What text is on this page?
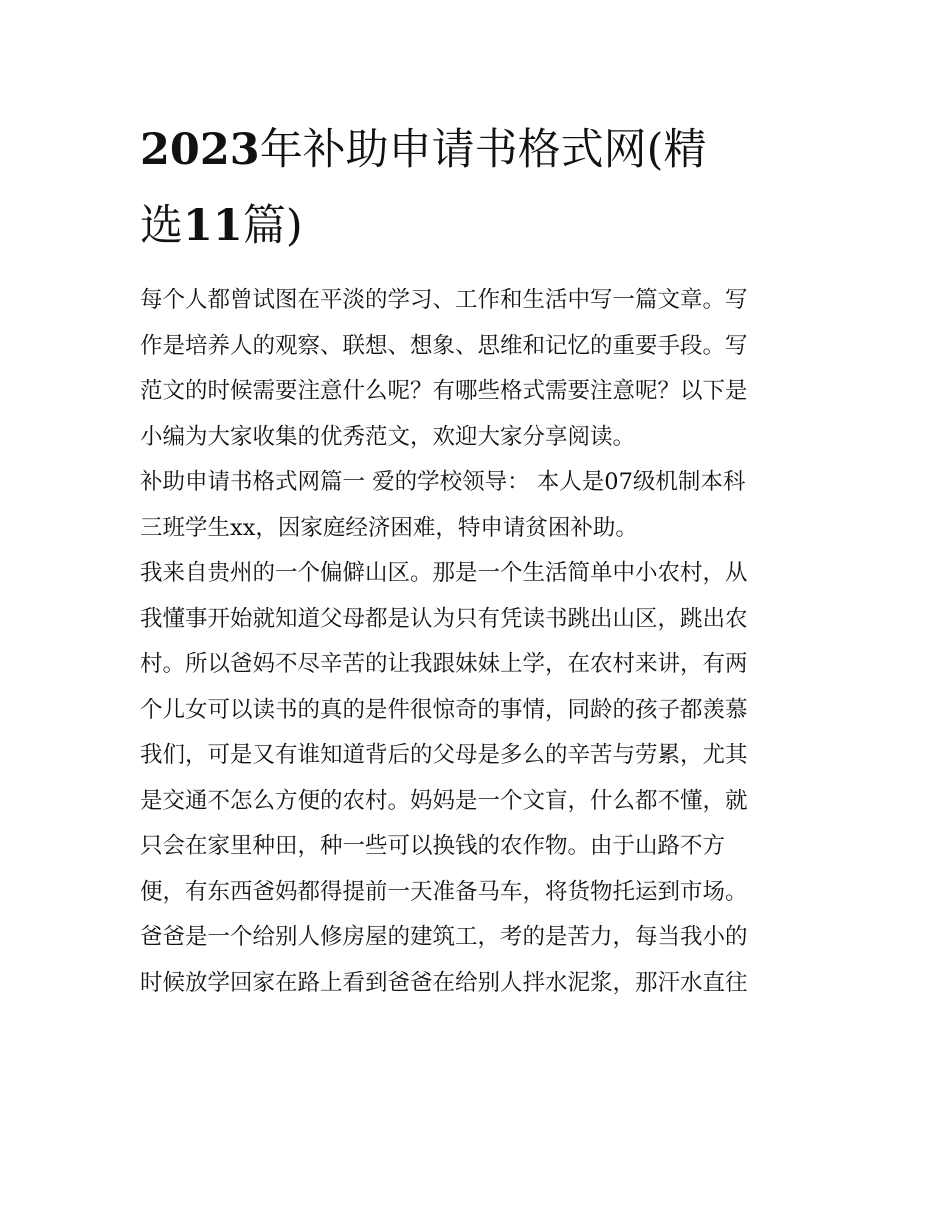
2023年补助申请书格式网(精
选11篇)

每个人都曾试图在平淡的学习、工作和生活中写一篇文章。写
作是培养人的观察、联想、想象、思维和记忆的重要手段。写
范文的时候需要注意什么呢？有哪些格式需要注意呢？以下是
小编为大家收集的优秀范文，欢迎大家分享阅读。

补助申请书格式网篇一 爱的学校领导： 本人是07级机制本科
三班学生xx，因家庭经济困难，特申请贫困补助。

我来自贵州的一个偏僻山区。那是一个生活简单中小农村，从
我懂事开始就知道父母都是认为只有凭读书跳出山区，跳出农
村。所以爸妈不尽辛苦的让我跟妹妹上学，在农村来讲，有两
个儿女可以读书的真的是件很惊奇的事情，同龄的孩子都羡慕
我们，可是又有谁知道背后的父母是多么的辛苦与劳累，尤其
是交通不怎么方便的农村。妈妈是一个文盲，什么都不懂，就
只会在家里种田，种一些可以换钱的农作物。由于山路不方
便，有东西爸妈都得提前一天准备马车，将货物托运到市场。
爸爸是一个给别人修房屋的建筑工，考的是苦力，每当我小的
时候放学回家在路上看到爸爸在给别人拌水泥浆，那汗水直往
